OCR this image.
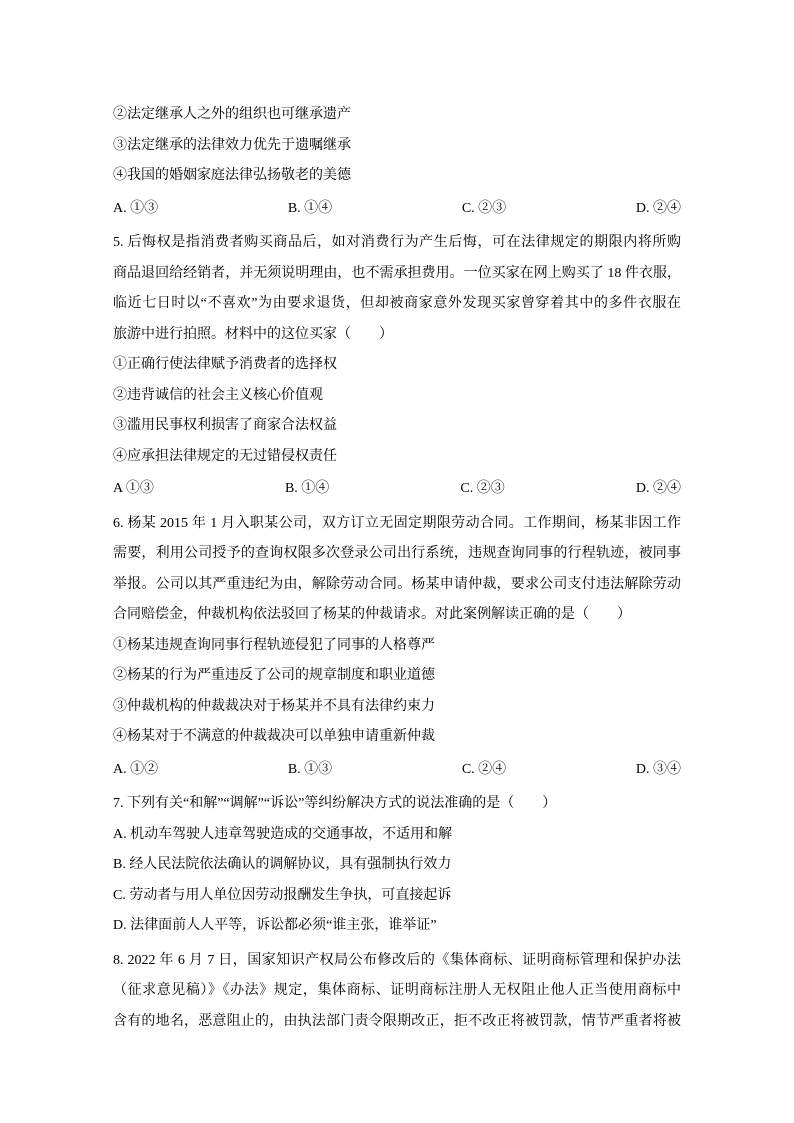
②法定继承人之外的组织也可继承遗产
③法定继承的法律效力优先于遗嘱继承
④我国的婚姻家庭法律弘扬敬老的美德
A. ①③	B. ①④	C. ②③	D. ②④
5. 后悔权是指消费者购买商品后，如对消费行为产生后悔，可在法律规定的期限内将所购
商品退回给经销者，并无须说明理由，也不需承担费用。一位买家在网上购买了 18 件衣服，
临近七日时以“不喜欢”为由要求退货，但却被商家意外发现买家曾穿着其中的多件衣服在
旅游中进行拍照。材料中的这位买家（　　）
①正确行使法律赋予消费者的选择权
②违背诚信的社会主义核心价值观
③滥用民事权利损害了商家合法权益
④应承担法律规定的无过错侵权责任
A ①③	B. ①④	C. ②③	D. ②④
6. 杨某 2015 年 1 月入职某公司，双方订立无固定期限劳动合同。工作期间，杨某非因工作
需要，利用公司授予的查询权限多次登录公司出行系统，违规查询同事的行程轨迹，被同事
举报。公司以其严重违纪为由，解除劳动合同。杨某申请仲裁，要求公司支付违法解除劳动
合同赔偿金，仲裁机构依法驳回了杨某的仲裁请求。对此案例解读正确的是（　　）
①杨某违规查询同事行程轨迹侵犯了同事的人格尊严
②杨某的行为严重违反了公司的规章制度和职业道德
③仲裁机构的仲裁裁决对于杨某并不具有法律约束力
④杨某对于不满意的仲裁裁决可以单独申请重新仲裁
A. ①②	B. ①③	C. ②④	D. ③④
7. 下列有关“和解”“调解”“诉讼”等纠纷解决方式的说法准确的是（　　）
A. 机动车驾驶人违章驾驶造成的交通事故，不适用和解
B. 经人民法院依法确认的调解协议，具有强制执行效力
C. 劳动者与用人单位因劳动报酬发生争执，可直接起诉
D. 法律面前人人平等，诉讼都必须“谁主张，谁举证”
8. 2022 年 6 月 7 日，国家知识产权局公布修改后的《集体商标、证明商标管理和保护办法
（征求意见稿）》《办法》规定，集体商标、证明商标注册人无权阻止他人正当使用商标中
含有的地名，恶意阻止的，由执法部门责令限期改正，拒不改正将被罚款，情节严重者将被
